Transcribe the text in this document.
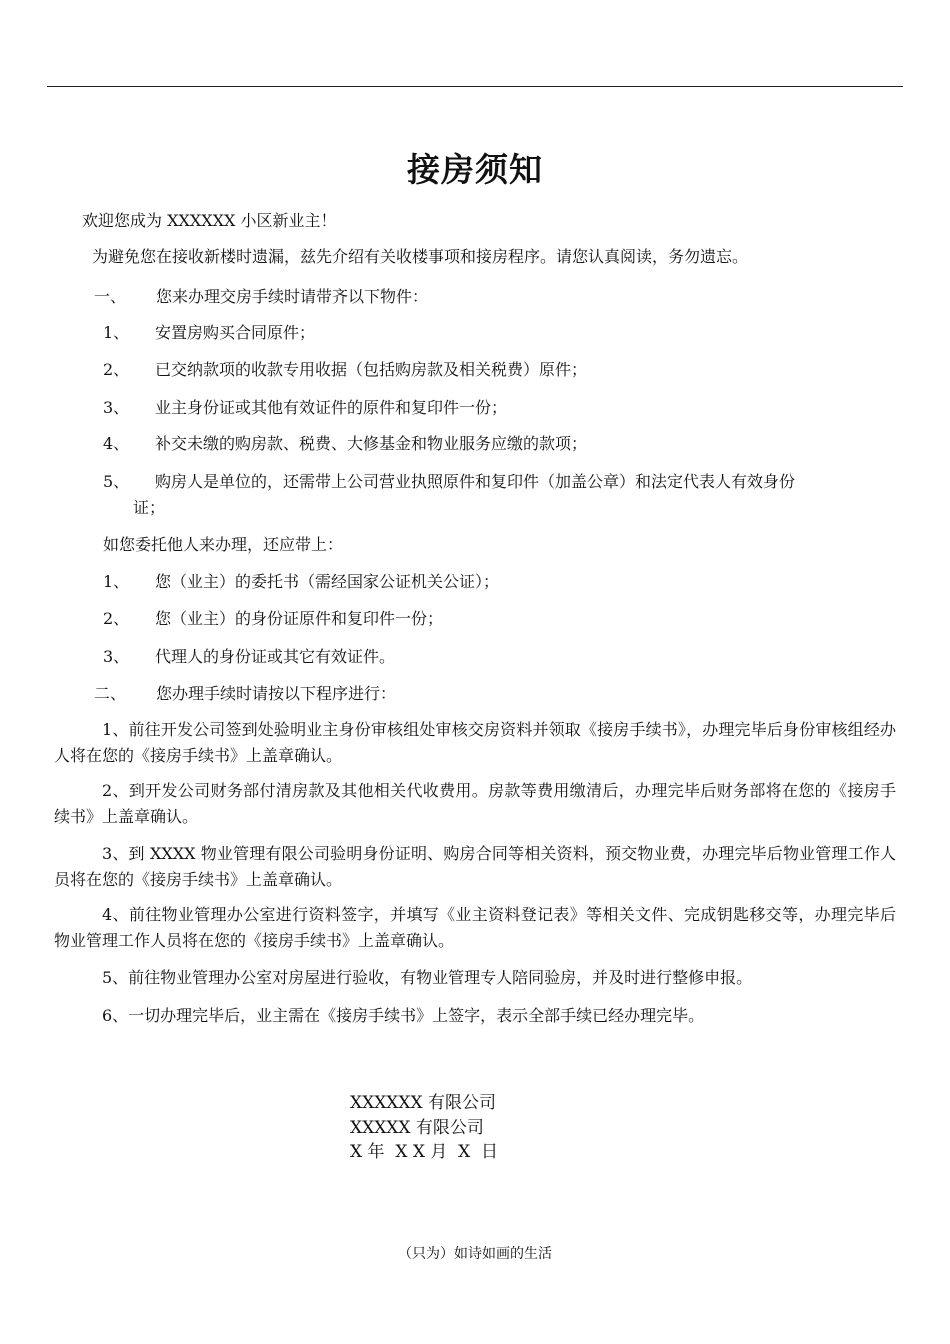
接房须知
欢迎您成为 XXXXXX 小区新业主！
为避免您在接收新楼时遗漏，兹先介绍有关收楼事项和接房程序。请您认真阅读，务勿遗忘。
一、 您来办理交房手续时请带齐以下物件：
1、 安置房购买合同原件；
2、 已交纳款项的收款专用收据（包括购房款及相关税费）原件；
3、 业主身份证或其他有效证件的原件和复印件一份；
4、 补交未缴的购房款、税费、大修基金和物业服务应缴的款项；
5、 购房人是单位的，还需带上公司营业执照原件和复印件（加盖公章）和法定代表人有效身份
证；
如您委托他人来办理，还应带上：
1、 您（业主）的委托书（需经国家公证机关公证）；
2、 您（业主）的身份证原件和复印件一份；
3、 代理人的身份证或其它有效证件。
二、 您办理手续时请按以下程序进行：
1、前往开发公司签到处验明业主身份审核组处审核交房资料并领取《接房手续书》，办理完毕后身份审核组经办人将在您的《接房手续书》上盖章确认。
2、到开发公司财务部付清房款及其他相关代收费用。房款等费用缴清后，办理完毕后财务部将在您的《接房手续书》上盖章确认。
3、到 XXXX 物业管理有限公司验明身份证明、购房合同等相关资料，预交物业费，办理完毕后物业管理工作人员将在您的《接房手续书》上盖章确认。
4、前往物业管理办公室进行资料签字，并填写《业主资料登记表》等相关文件、完成钥匙移交等，办理完毕后物业管理工作人员将在您的《接房手续书》上盖章确认。
5、前往物业管理办公室对房屋进行验收，有物业管理专人陪同验房，并及时进行整修申报。
6、一切办理完毕后，业主需在《接房手续书》上签字，表示全部手续已经办理完毕。
XXXXXX 有限公司
XXXXX 有限公司
X 年  X X 月  X  日
（只为）如诗如画的生活
